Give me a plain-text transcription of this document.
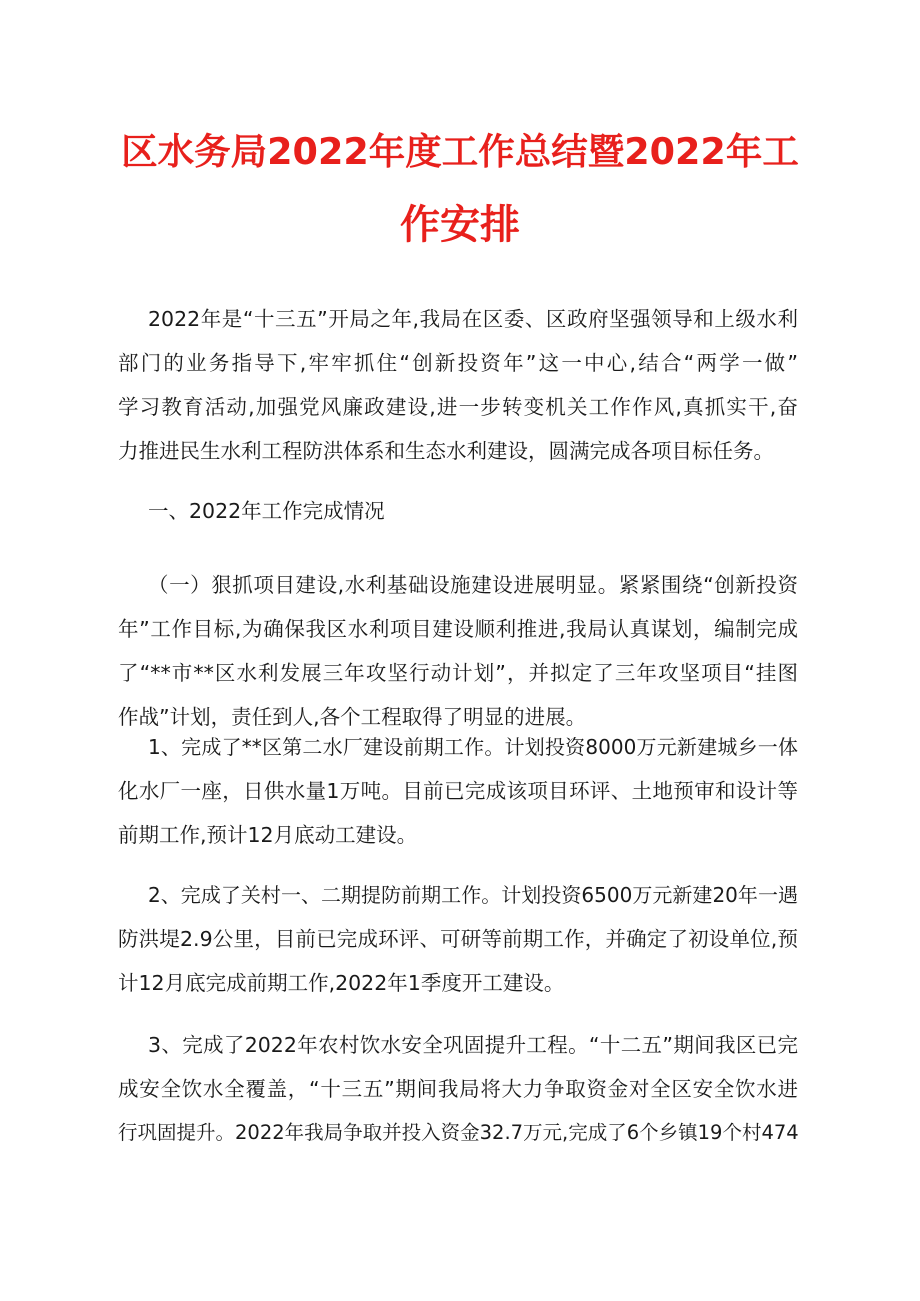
区水务局2022年度工作总结暨2022年工
作安排
2022年是“十三五”开局之年,我局在区委、区政府坚强领导和上级水利
部门的业务指导下,牢牢抓住“创新投资年”这一中心,结合“两学一做”
学习教育活动,加强党风廉政建设,进一步转变机关工作作风,真抓实干,奋
力推进民生水利工程防洪体系和生态水利建设，圆满完成各项目标任务。
一、2022年工作完成情况
（一）狠抓项目建设,水利基础设施建设进展明显。紧紧围绕“创新投资
年”工作目标,为确保我区水利项目建设顺利推进,我局认真谋划，编制完成
了“**市**区水利发展三年攻坚行动计划”，并拟定了三年攻坚项目“挂图
作战”计划，责任到人,各个工程取得了明显的进展。
1、完成了**区第二水厂建设前期工作。计划投资8000万元新建城乡一体
化水厂一座，日供水量1万吨。目前已完成该项目环评、土地预审和设计等
前期工作,预计12月底动工建设。
2、完成了关村一、二期提防前期工作。计划投资6500万元新建20年一遇
防洪堤2.9公里，目前已完成环评、可研等前期工作，并确定了初设单位,预
计12月底完成前期工作,2022年1季度开工建设。
3、完成了2022年农村饮水安全巩固提升工程。“十二五”期间我区已完
成安全饮水全覆盖，“十三五”期间我局将大力争取资金对全区安全饮水进
行巩固提升。2022年我局争取并投入资金32.7万元,完成了6个乡镇19个村474
